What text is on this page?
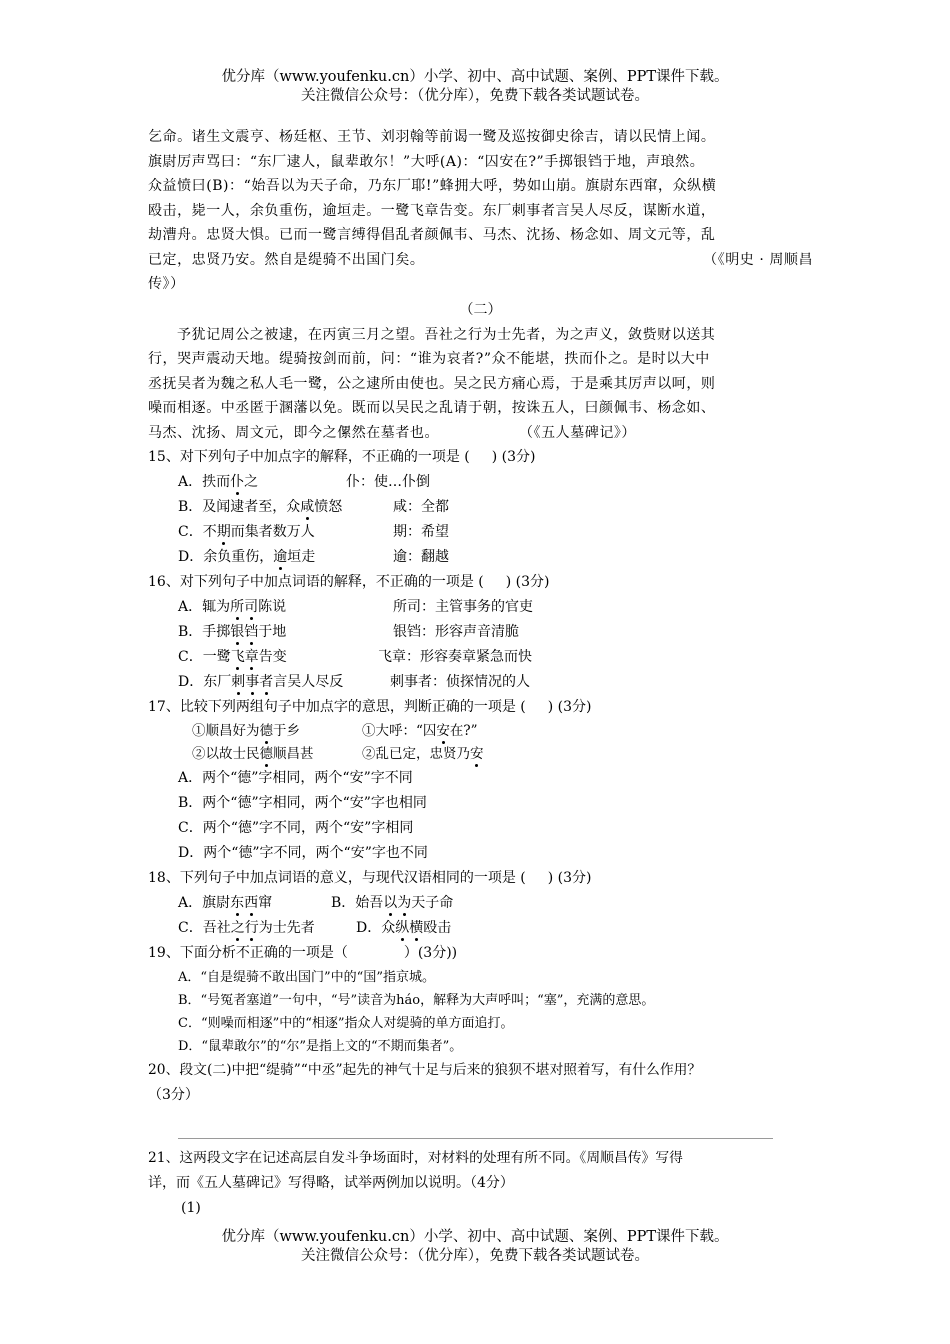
优分库（www.youfenku.cn）小学、初中、高中试题、案例、PPT课件下载。
关注微信公众号：（优分库），免费下载各类试题试卷。
乞命。诸生文震亨、杨廷枢、王节、刘羽翰等前谒一鹭及巡按御史徐吉，请以民情上闻。
旗尉厉声骂曰：“东厂逮人，鼠辈敢尔！”大呼(A)：“囚安在?”手掷银铛于地，声琅然。
众益愤曰(B)：“始吾以为天子命，乃东厂耶!”蜂拥大呼，势如山崩。旗尉东西窜，众纵横
殴击，毙一人，余负重伤，逾垣走。一鹭飞章告变。东厂刺事者言吴人尽反，谋断水道，
劫漕舟。忠贤大惧。已而一鹭言缚得倡乱者颜佩韦、马杰、沈扬、杨念如、周文元等，乱
已定，忠贤乃安。然自是缇骑不出国门矣。	（《明史 · 周顺昌
传》）
（二）
予犹记周公之被逮，在丙寅三月之望。吾社之行为士先者，为之声义，敛赀财以送其
行，哭声震动天地。缇骑按剑而前，问：“谁为哀者?”众不能堪，抶而仆之。是时以大中
丞抚吴者为魏之私人毛一鹭，公之逮所由使也。吴之民方痛心焉，于是乘其厉声以呵，则
噪而相逐。中丞匿于溷藩以免。既而以吴民之乱请于朝，按诛五人，曰颜佩韦、杨念如、
马杰、沈扬、周文元，即今之傫然在墓者也。	（《五人墓碑记》）
15、对下列句子中加点字的解释，不正确的一项是 ( ) (3分)
A．抶而仆之	仆：使…仆倒
B．及闻逮者至，众咸愤怒	咸：全都
C．不期而集者数万人	期：希望
D．余负重伤，逾垣走	逾：翻越
16、对下列句子中加点词语的解释，不正确的一项是 ( ) (3分)
A．辄为所司陈说	所司：主管事务的官吏
B．手掷银铛于地	银铛：形容声音清脆
C．一鹭飞章告变	飞章：形容奏章紧急而快
D．东厂刺事者言吴人尽反	刺事者：侦探情况的人
17、比较下列两组句子中加点字的意思，判断正确的一项是 ( ) (3分)
①顺昌好为德于乡	①大呼：“囚安在?”
②以故士民德顺昌甚	②乱已定，忠贤乃安
A．两个“德”字相同，两个“安”字不同
B．两个“德”字相同，两个“安”字也相同
C．两个“德”字不同，两个“安”字相同
D．两个“德”字不同，两个“安”字也不同
18、下列句子中加点词语的意义，与现代汉语相同的一项是 ( ) (3分)
A．旗尉东西窜	B．始吾以为天子命
C．吾社之行为士先者	D．众纵横殴击
19、下面分析不正确的一项是（	）(3分))
A．“自是缇骑不敢出国门”中的“国”指京城。
B．“号冤者塞道”一句中，“号”读音为háo，解释为大声呼叫；“塞”，充满的意思。
C．“则噪而相逐”中的“相逐”指众人对缇骑的单方面追打。
D．“鼠辈敢尔”的“尔”是指上文的“不期而集者”。
20、段文(二)中把“缇骑”“中丞”起先的神气十足与后来的狼狈不堪对照着写，有什么作用？
（3分）
21、这两段文字在记述高层自发斗争场面时，对材料的处理有所不同。《周顺昌传》写得
详，而《五人墓碑记》写得略，试举两例加以说明。（4分）
(1)
优分库（www.youfenku.cn）小学、初中、高中试题、案例、PPT课件下载。
关注微信公众号：（优分库），免费下载各类试题试卷。
